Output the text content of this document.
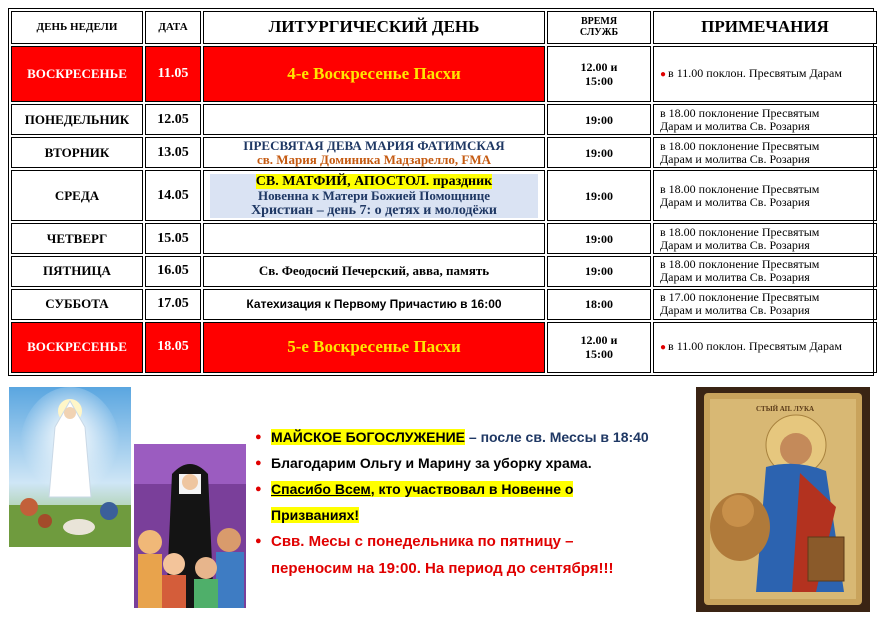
ДЕНЬ НЕДЕЛИ	ДАТА	ЛИТУРГИЧЕСКИЙ ДЕНЬ	ВРЕМЯ
СЛУЖБ	ПРИМЕЧАНИЯ
ВОСКРЕСЕНЬЕ	11.05	4-е Воскресенье Пасхи	12.00 и
15:00	● в 11.00 поклон. Пресвятым Дарам
ПОНЕДЕЛЬНИК	12.05		19:00	в 18.00 поклонение Пресвятым
Дарам и молитва Св. Розария
ВТОРНИК	13.05	ПРЕСВЯТАЯ ДЕВА МАРИЯ ФАТИМСКАЯ
св. Мария Доминика Мадзарелло, FMA	19:00	в 18.00 поклонение Пресвятым
Дарам и молитва Св. Розария
СРЕДА	14.05	СВ. МАТФИЙ, АПОСТОЛ. праздник
Новенна к Матери Божией Помощнице
Христиан – день 7: о детях и молодёжи	19:00	в 18.00 поклонение Пресвятым
Дарам и молитва Св. Розария
ЧЕТВЕРГ	15.05		19:00	в 18.00 поклонение Пресвятым
Дарам и молитва Св. Розария
ПЯТНИЦА	16.05	Св. Феодосий Печерский, авва, память	19:00	в 18.00 поклонение Пресвятым
Дарам и молитва Св. Розария
СУББОТА	17.05	Катехизация к Первому Причастию в 16:00	18:00	в 17.00 поклонение Пресвятым
Дарам и молитва Св. Розария
ВОСКРЕСЕНЬЕ	18.05	5-е Воскресенье Пасхи	12.00 и
15:00	● в 11.00 поклон. Пресвятым Дарам
СТЫЙ АП. ЛУКА
● МАЙСКОЕ БОГОСЛУЖЕНИЕ – после св. Мессы в 18:40
● Благодарим Ольгу и Марину за уборку храма.
● Спасибо Всем, кто участвовал в Новенне о
Призваниях!
● Свв. Месы с понедельника по пятницу –
переносим на 19:00. На период до сентября!!!
